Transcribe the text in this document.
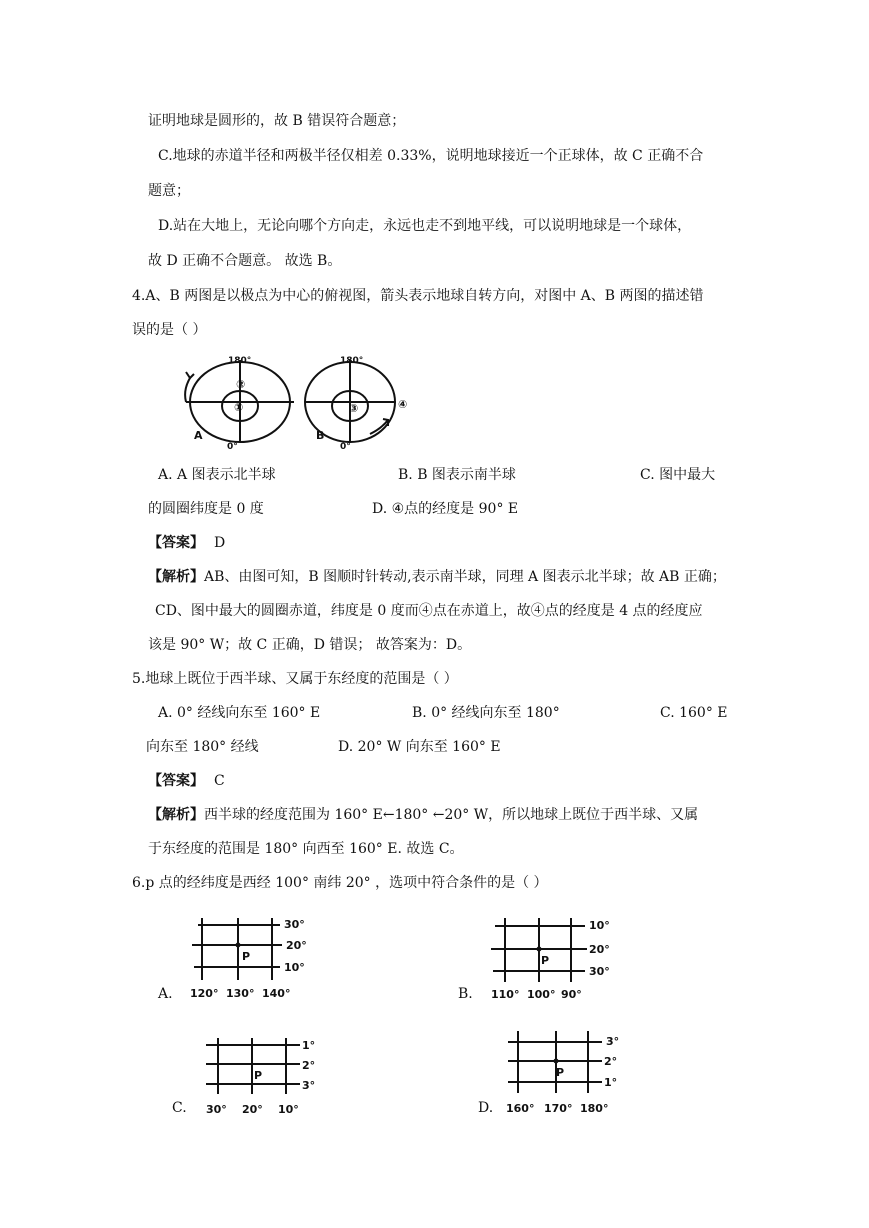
证明地球是圆形的，故 B 错误符合题意；
C.地球的赤道半径和两极半径仅相差 0.33%，说明地球接近一个正球体，故 C 正确不合
题意；
D.站在大地上，无论向哪个方向走，永远也走不到地平线，可以说明地球是一个球体，
故 D 正确不合题意。 故选 B。
4.A、B 两图是以极点为中心的俯视图，箭头表示地球自转方向，对图中 A、B 两图的描述错
误的是（ ）
180°
0°
A
②
①
180°
0°
B
③	④
A. A 图表示北半球	B. B 图表示南半球	C. 图中最大
的圆圈纬度是 0 度	D. ④点的经度是 90° E
【答案】 D
【解析】AB、由图可知，B 图顺时针转动,表示南半球，同理 A 图表示北半球；故 AB 正确；
CD、图中最大的圆圈赤道，纬度是 0 度而④点在赤道上，故④点的经度是 4 点的经度应
该是 90° W；故 C 正确，D 错误； 故答案为：D。
5.地球上既位于西半球、又属于东经度的范围是（ ）
A. 0° 经线向东至 160° E	B. 0° 经线向东至 180°	C. 160° E
向东至 180° 经线	D. 20° W 向东至 160° E
【答案】 C
【解析】西半球的经度范围为 160° E←180° ←20° W，所以地球上既位于西半球、又属
于东经度的范围是 180° 向西至 160° E. 故选 C。
6.p 点的经纬度是西经 100° 南纬 20° ，选项中符合条件的是（ ）
A.
P
30°
20°
10°
120° 130° 140°	B.
P
10°
20°
30°
110° 100° 90°
C.
P
1°
2°
3°
30° 20° 10°	D.
P
3°
2°
1°
160° 170° 180°
